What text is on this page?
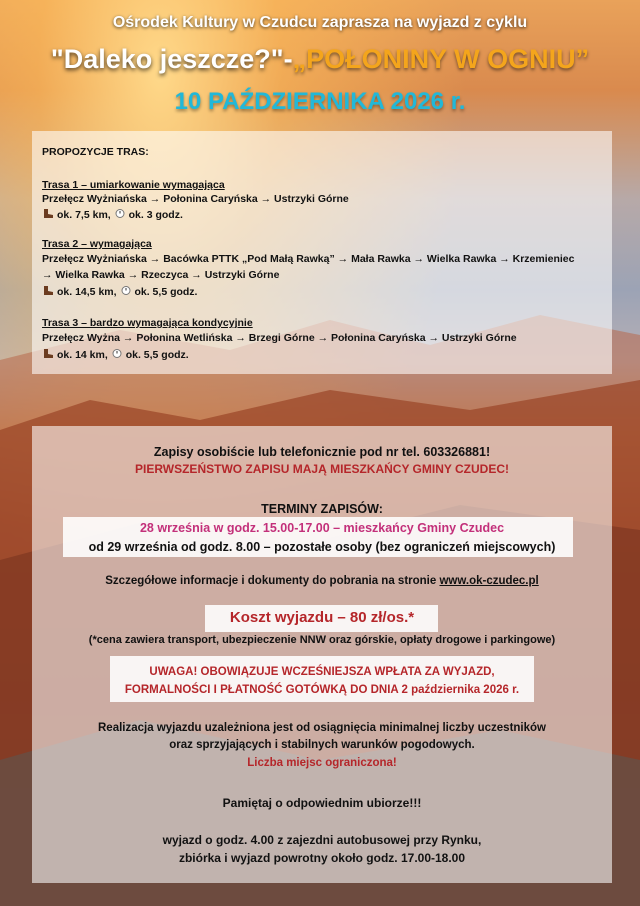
Ośrodek Kultury w Czudcu zaprasza na wyjazd z cyklu
"Daleko jeszcze?"-„POŁONINY W OGNIU”
10 PAŹDZIERNIKA 2026 r.
PROPOZYCJE TRAS:
Trasa 1 – umiarkowanie wymagająca
Przełęcz Wyżniańska → Połonina Caryńska → Ustrzyki Górne
ok. 7,5 km, ok. 3 godz.
Trasa 2 – wymagająca
Przełęcz Wyżniańska → Bacówka PTTK „Pod Małą Rawką” → Mała Rawka → Wielka Rawka → Krzemieniec
→ Wielka Rawka → Rzeczyca → Ustrzyki Górne
ok. 14,5 km, ok. 5,5 godz.
Trasa 3 – bardzo wymagająca kondycyjnie
Przełęcz Wyżna → Połonina Wetlińska → Brzegi Górne → Połonina Caryńska → Ustrzyki Górne
ok. 14 km, ok. 5,5 godz.
Zapisy osobiście lub telefonicznie pod nr tel. 603326881!
PIERWSZEŃSTWO ZAPISU MAJĄ MIESZKAŃCY GMINY CZUDEC!
TERMINY ZAPISÓW:
28 września w godz. 15.00-17.00 – mieszkańcy Gminy Czudec
od 29 września od godz. 8.00 – pozostałe osoby (bez ograniczeń miejscowych)
Szczegółowe informacje i dokumenty do pobrania na stronie www.ok-czudec.pl
Koszt wyjazdu – 80 zł/os.*
(*cena zawiera transport, ubezpieczenie NNW oraz górskie, opłaty drogowe i parkingowe)
UWAGA! OBOWIĄZUJE WCZEŚNIEJSZA WPŁATA ZA WYJAZD,
FORMALNOŚCI I PŁATNOŚĆ GOTÓWKĄ DO DNIA 2 października 2026 r.
Realizacja wyjazdu uzależniona jest od osiągnięcia minimalnej liczby uczestników
oraz sprzyjających i stabilnych warunków pogodowych.
Liczba miejsc ograniczona!
Pamiętaj o odpowiednim ubiorze!!!
wyjazd o godz. 4.00 z zajezdni autobusowej przy Rynku,
zbiórka i wyjazd powrotny około godz. 17.00-18.00
